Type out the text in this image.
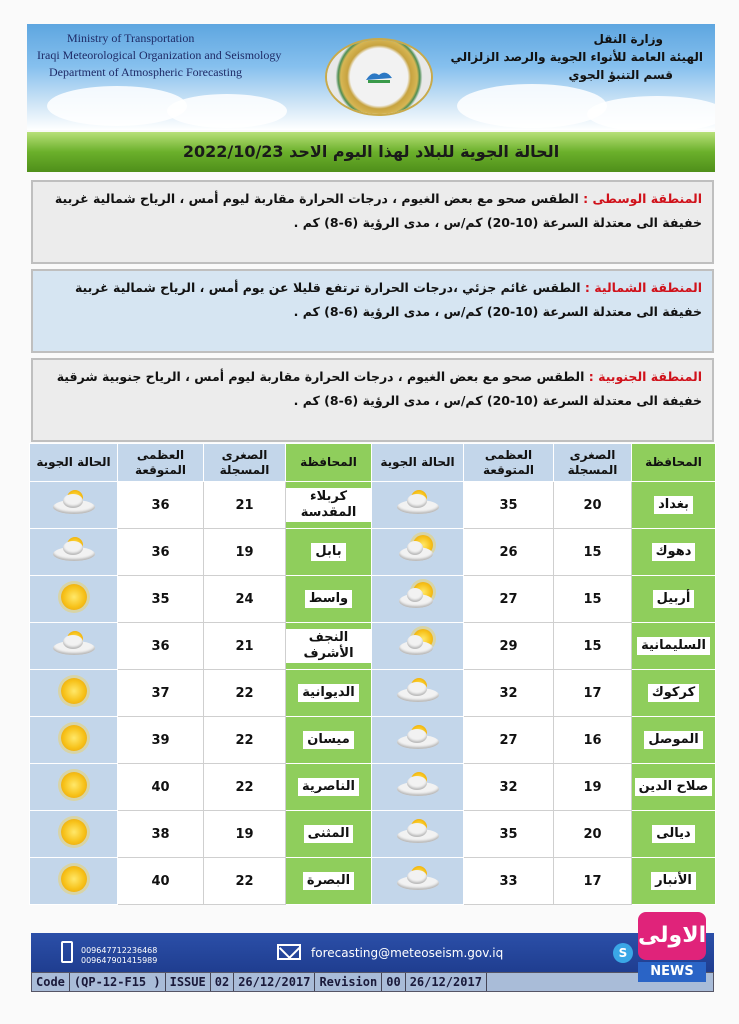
Ministry of Transportation
Iraqi Meteorological Organization and Seismology
Department of Atmospheric Forecasting
وزارة النقل
الهيئة العامة للأنواء الجوية والرصد الزلزالي
قسم التنبؤ الجوي
الحالة الجوية للبلاد لهذا اليوم الاحد 2022/10/23
المنطقة الوسطى : الطقس صحو مع بعض الغيوم ، درجات الحرارة مقاربة ليوم أمس ، الرياح شمالية غربية خفيفة الى معتدلة السرعة (10-20) كم/س ، مدى الرؤية (6-8) كم .
المنطقة الشمالية : الطقس غائم جزئي ،درجات الحرارة ترتفع قليلا عن يوم أمس ، الرياح شمالية غربية خفيفة الى معتدلة السرعة (10-20) كم/س ، مدى الرؤية (6-8) كم .
المنطقة الجنوبية : الطقس صحو مع بعض الغيوم ، درجات الحرارة مقاربة ليوم أمس ، الرياح جنوبية شرقية خفيفة الى معتدلة السرعة (10-20) كم/س ، مدى الرؤية (6-8) كم .
الحالة الجوية	العظمى المتوقعة	الصغرى المسجلة	المحافظة	الحالة الجوية	العظمى المتوقعة	الصغرى المسجلة	المحافظة

	36	21	كربلاء المقدسة		35	20	بغداد

	36	19	بابل		26	15	دهوك

	35	24	واسط		27	15	أربيل

	36	21	النجف الأشرف		29	15	السليمانية

	37	22	الديوانية		32	17	كركوك

	39	22	ميسان		27	16	الموصل

	40	22	الناصرية		32	19	صلاح الدين

	38	19	المثنى		35	20	ديالى

	40	22	البصرة		33	17	الأنبار
009647712236468
009647901415989
forecasting@meteoseism.gov.iq	S
Code (QP-12-F15 ) ISSUE 02 26/12/2017 Revision 00 26/12/2017
الاولى
NEWS
